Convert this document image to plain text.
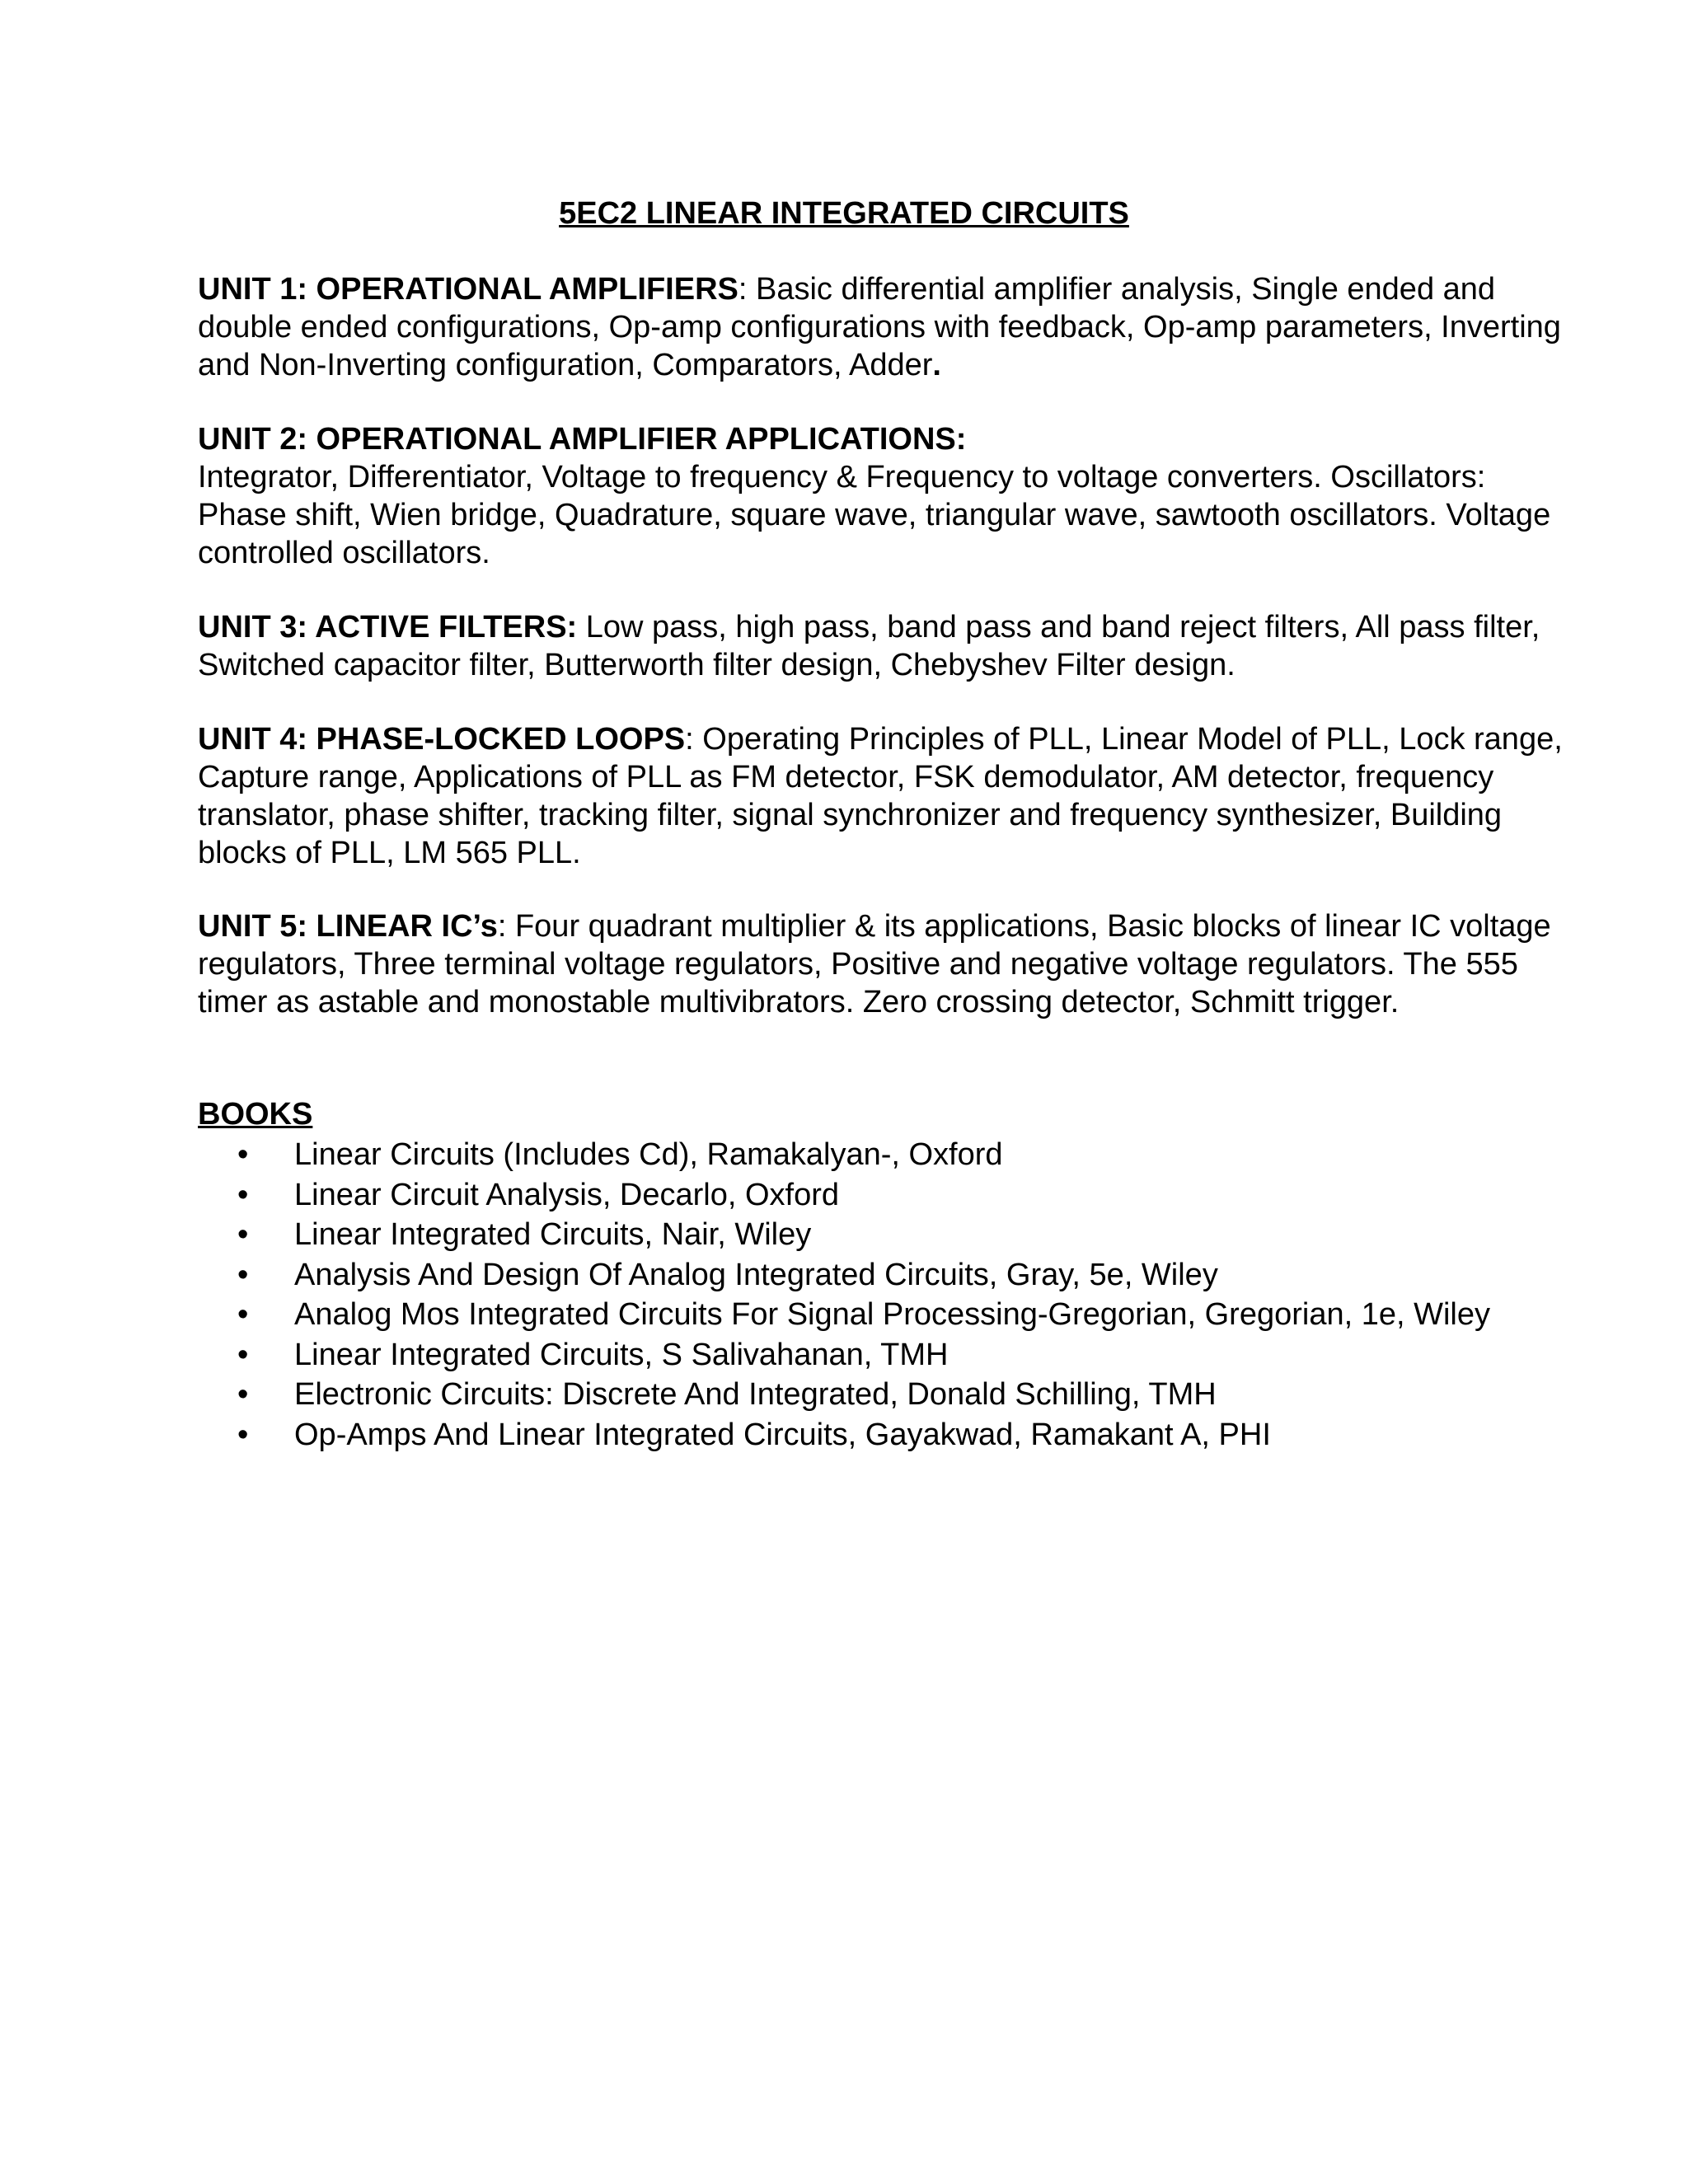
5EC2 LINEAR INTEGRATED CIRCUITS

UNIT 1: OPERATIONAL AMPLIFIERS: Basic differential amplifier analysis, Single ended and double ended configurations, Op-amp configurations with feedback, Op-amp parameters, Inverting and Non-Inverting configuration, Comparators, Adder.

UNIT 2: OPERATIONAL AMPLIFIER APPLICATIONS:
Integrator, Differentiator, Voltage to frequency & Frequency to voltage converters. Oscillators: Phase shift, Wien bridge, Quadrature, square wave, triangular wave, sawtooth oscillators. Voltage controlled oscillators.

UNIT 3: ACTIVE FILTERS: Low pass, high pass, band pass and band reject filters, All pass filter, Switched capacitor filter, Butterworth filter design, Chebyshev Filter design.

UNIT 4: PHASE-LOCKED LOOPS: Operating Principles of PLL, Linear Model of PLL, Lock range, Capture range, Applications of PLL as FM detector, FSK demodulator, AM detector, frequency translator, phase shifter, tracking filter, signal synchronizer and frequency synthesizer, Building blocks of PLL, LM 565 PLL.

UNIT 5: LINEAR IC’s: Four quadrant multiplier & its applications, Basic blocks of linear IC voltage regulators, Three terminal voltage regulators, Positive and negative voltage regulators. The 555 timer as astable and monostable multivibrators. Zero crossing detector, Schmitt trigger.

BOOKS
• Linear Circuits (Includes Cd), Ramakalyan-, Oxford
• Linear Circuit Analysis, Decarlo, Oxford
• Linear Integrated Circuits, Nair, Wiley
• Analysis And Design Of Analog Integrated Circuits, Gray, 5e, Wiley
• Analog Mos Integrated Circuits For Signal Processing-Gregorian, Gregorian, 1e, Wiley
• Linear Integrated Circuits, S Salivahanan, TMH
• Electronic Circuits: Discrete And Integrated, Donald Schilling, TMH
• Op-Amps And Linear Integrated Circuits, Gayakwad, Ramakant A, PHI
